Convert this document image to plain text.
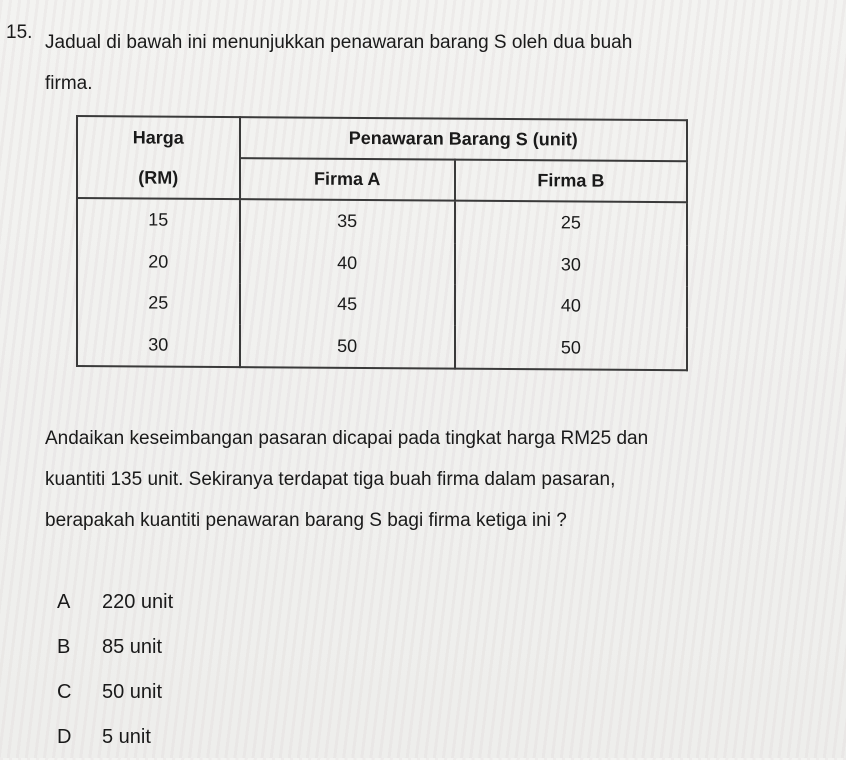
15. Jadual di bawah ini menunjukkan penawaran barang S oleh dua buah
firma.
Harga
(RM)	Penawaran Barang S (unit)	
	Firma A	Firma B
15	35	25
20	40	30
25	45	40
30	50	50
Andaikan keseimbangan pasaran dicapai pada tingkat harga RM25 dan
kuantiti 135 unit. Sekiranya terdapat tiga buah firma dalam pasaran,
berapakah kuantiti penawaran barang S bagi firma ketiga ini ?
A	220 unit
B	85 unit
C	50 unit
D	5 unit
